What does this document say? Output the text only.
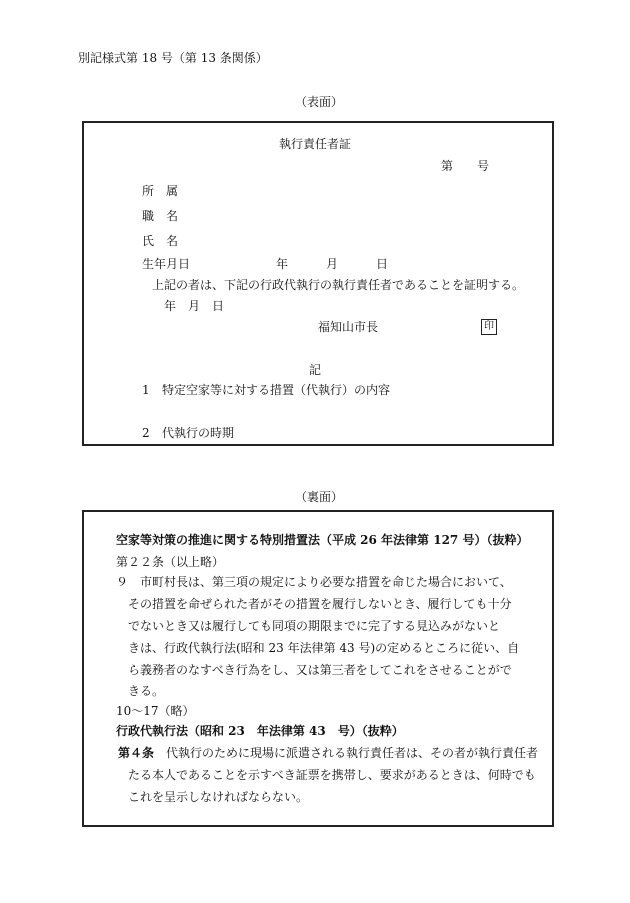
別記様式第 18 号（第 13 条関係）
（表面）
執行責任者証
第　　号
所　属
職　名
氏　名
生年月日	年	月	日
上記の者は、下記の行政代執行の執行責任者であることを証明する。
年　月　日
福知山市長	印
記
1 特定空家等に対する措置（代執行）の内容
2 代執行の時期
（裏面）
空家等対策の推進に関する特別措置法（平成 26 年法律第 127 号）（抜粋）
第２２条（以上略）
９　市町村長は、第三項の規定により必要な措置を命じた場合において、
その措置を命ぜられた者がその措置を履行しないとき、履行しても十分
でないとき又は履行しても同項の期限までに完了する見込みがないと
きは、行政代執行法(昭和 23 年法律第 43 号)の定めるところに従い、自
ら義務者のなすべき行為をし、又は第三者をしてこれをさせることがで
きる。
10〜17（略）
行政代執行法（昭和 23　年法律第 43　号）（抜粋）
第４条 代執行のために現場に派遣される執行責任者は、その者が執行責任者
たる本人であることを示すべき証票を携帯し、要求があるときは、何時でも
これを呈示しなければならない。
